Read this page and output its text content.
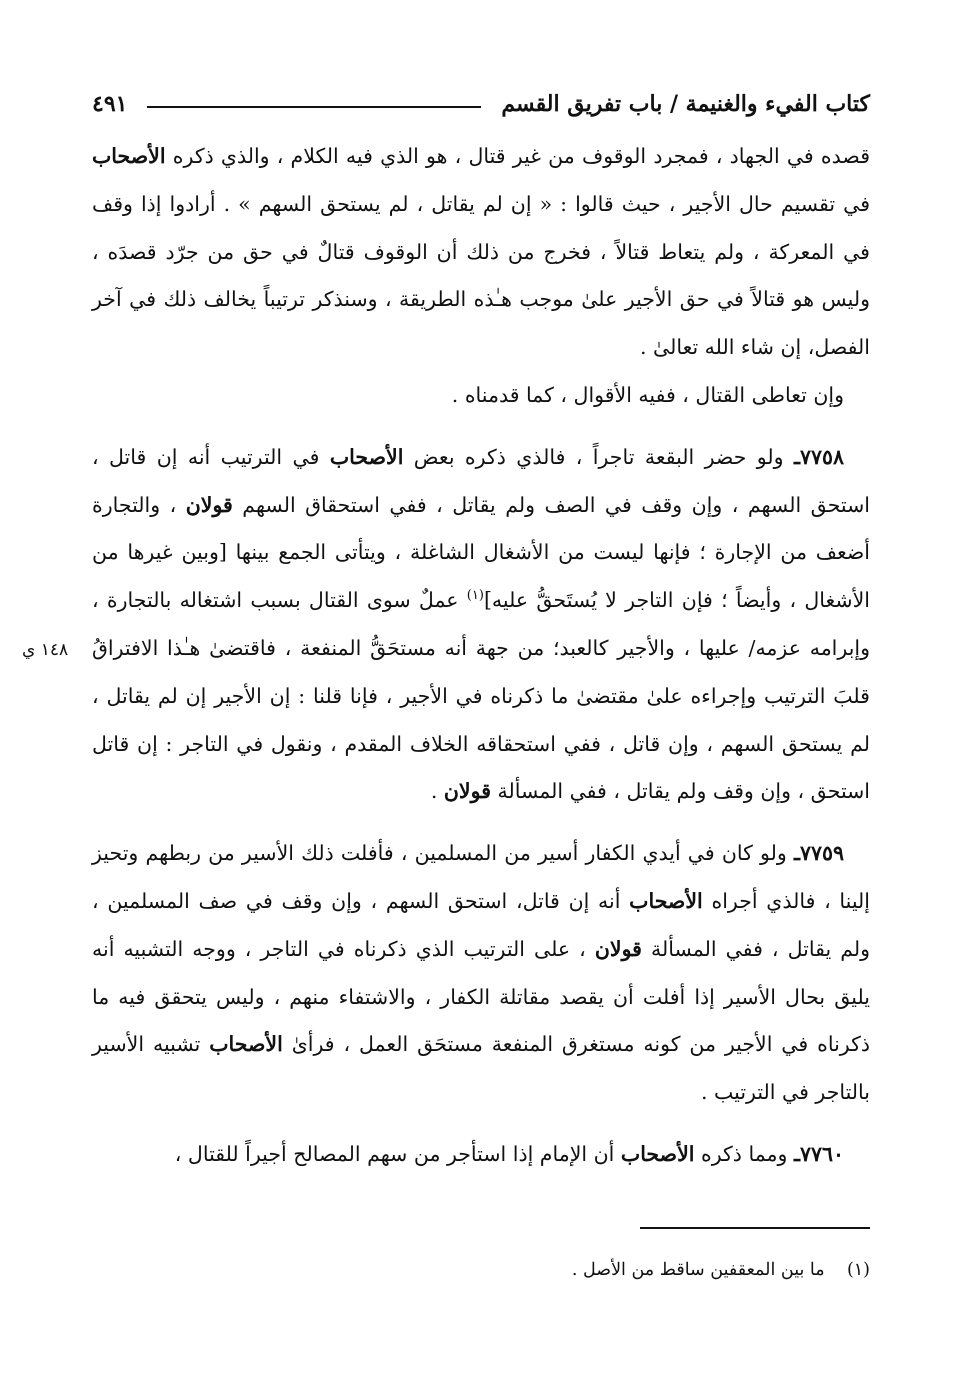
كتاب الفيء والغنيمة / باب تفريق القسم
٤٩١
١٤٨ ي

قصده في الجهاد ، فمجرد الوقوف من غير قتال ، هو الذي فيه الكلام ، والذي ذكره الأصحاب في تقسيم حال الأجير ، حيث قالوا : « إن لم يقاتل ، لم يستحق السهم » . أرادوا إذا وقف في المعركة ، ولم يتعاط قتالاً ، فخرج من ذلك أن الوقوف قتالٌ في حق من جرّد قصدَه ، وليس هو قتالاً في حق الأجير علىٰ موجب هـٰذه الطريقة ، وسنذكر ترتيباً يخالف ذلك في آخر الفصل، إن شاء الله تعالىٰ .

وإن تعاطى القتال ، ففيه الأقوال ، كما قدمناه .

٧٧٥٨ـ ولو حضر البقعة تاجراً ، فالذي ذكره بعض الأصحاب في الترتيب أنه إن قاتل ، استحق السهم ، وإن وقف في الصف ولم يقاتل ، ففي استحقاق السهم قولان ، والتجارة أضعف من الإجارة ؛ فإنها ليست من الأشغال الشاغلة ، ويتأتى الجمع بينها [وبين غيرها من الأشغال ، وأيضاً ؛ فإن التاجر لا يُستَحقُّ عليه]$^{(١)}$ عملٌ سوى القتال بسبب اشتغاله بالتجارة ، وإبرامه عزمه/ عليها ، والأجير كالعبد؛ من جهة أنه مستحَقُّ المنفعة ، فاقتضىٰ هـٰذا الافتراقُ قلبَ الترتيب وإجراءه علىٰ مقتضىٰ ما ذكرناه في الأجير ، فإنا قلنا : إن الأجير إن لم يقاتل ، لم يستحق السهم ، وإن قاتل ، ففي استحقاقه الخلاف المقدم ، ونقول في التاجر : إن قاتل استحق ، وإن وقف ولم يقاتل ، ففي المسألة قولان .

٧٧٥٩ـ ولو كان في أيدي الكفار أسير من المسلمين ، فأفلت ذلك الأسير من ربطهم وتحيز إلينا ، فالذي أجراه الأصحاب أنه إن قاتل، استحق السهم ، وإن وقف في صف المسلمين ، ولم يقاتل ، ففي المسألة قولان ، على الترتيب الذي ذكرناه في التاجر ، ووجه التشبيه أنه يليق بحال الأسير إذا أفلت أن يقصد مقاتلة الكفار ، والاشتفاء منهم ، وليس يتحقق فيه ما ذكرناه في الأجير من كونه مستغرق المنفعة مستحَق العمل ، فرأىٰ الأصحاب تشبيه الأسير بالتاجر في الترتيب .

٧٧٦٠ـ ومما ذكره الأصحاب أن الإمام إذا استأجر من سهم المصالح أجيراً للقتال ،

(١)    ما بين المعقفين ساقط من الأصل .
